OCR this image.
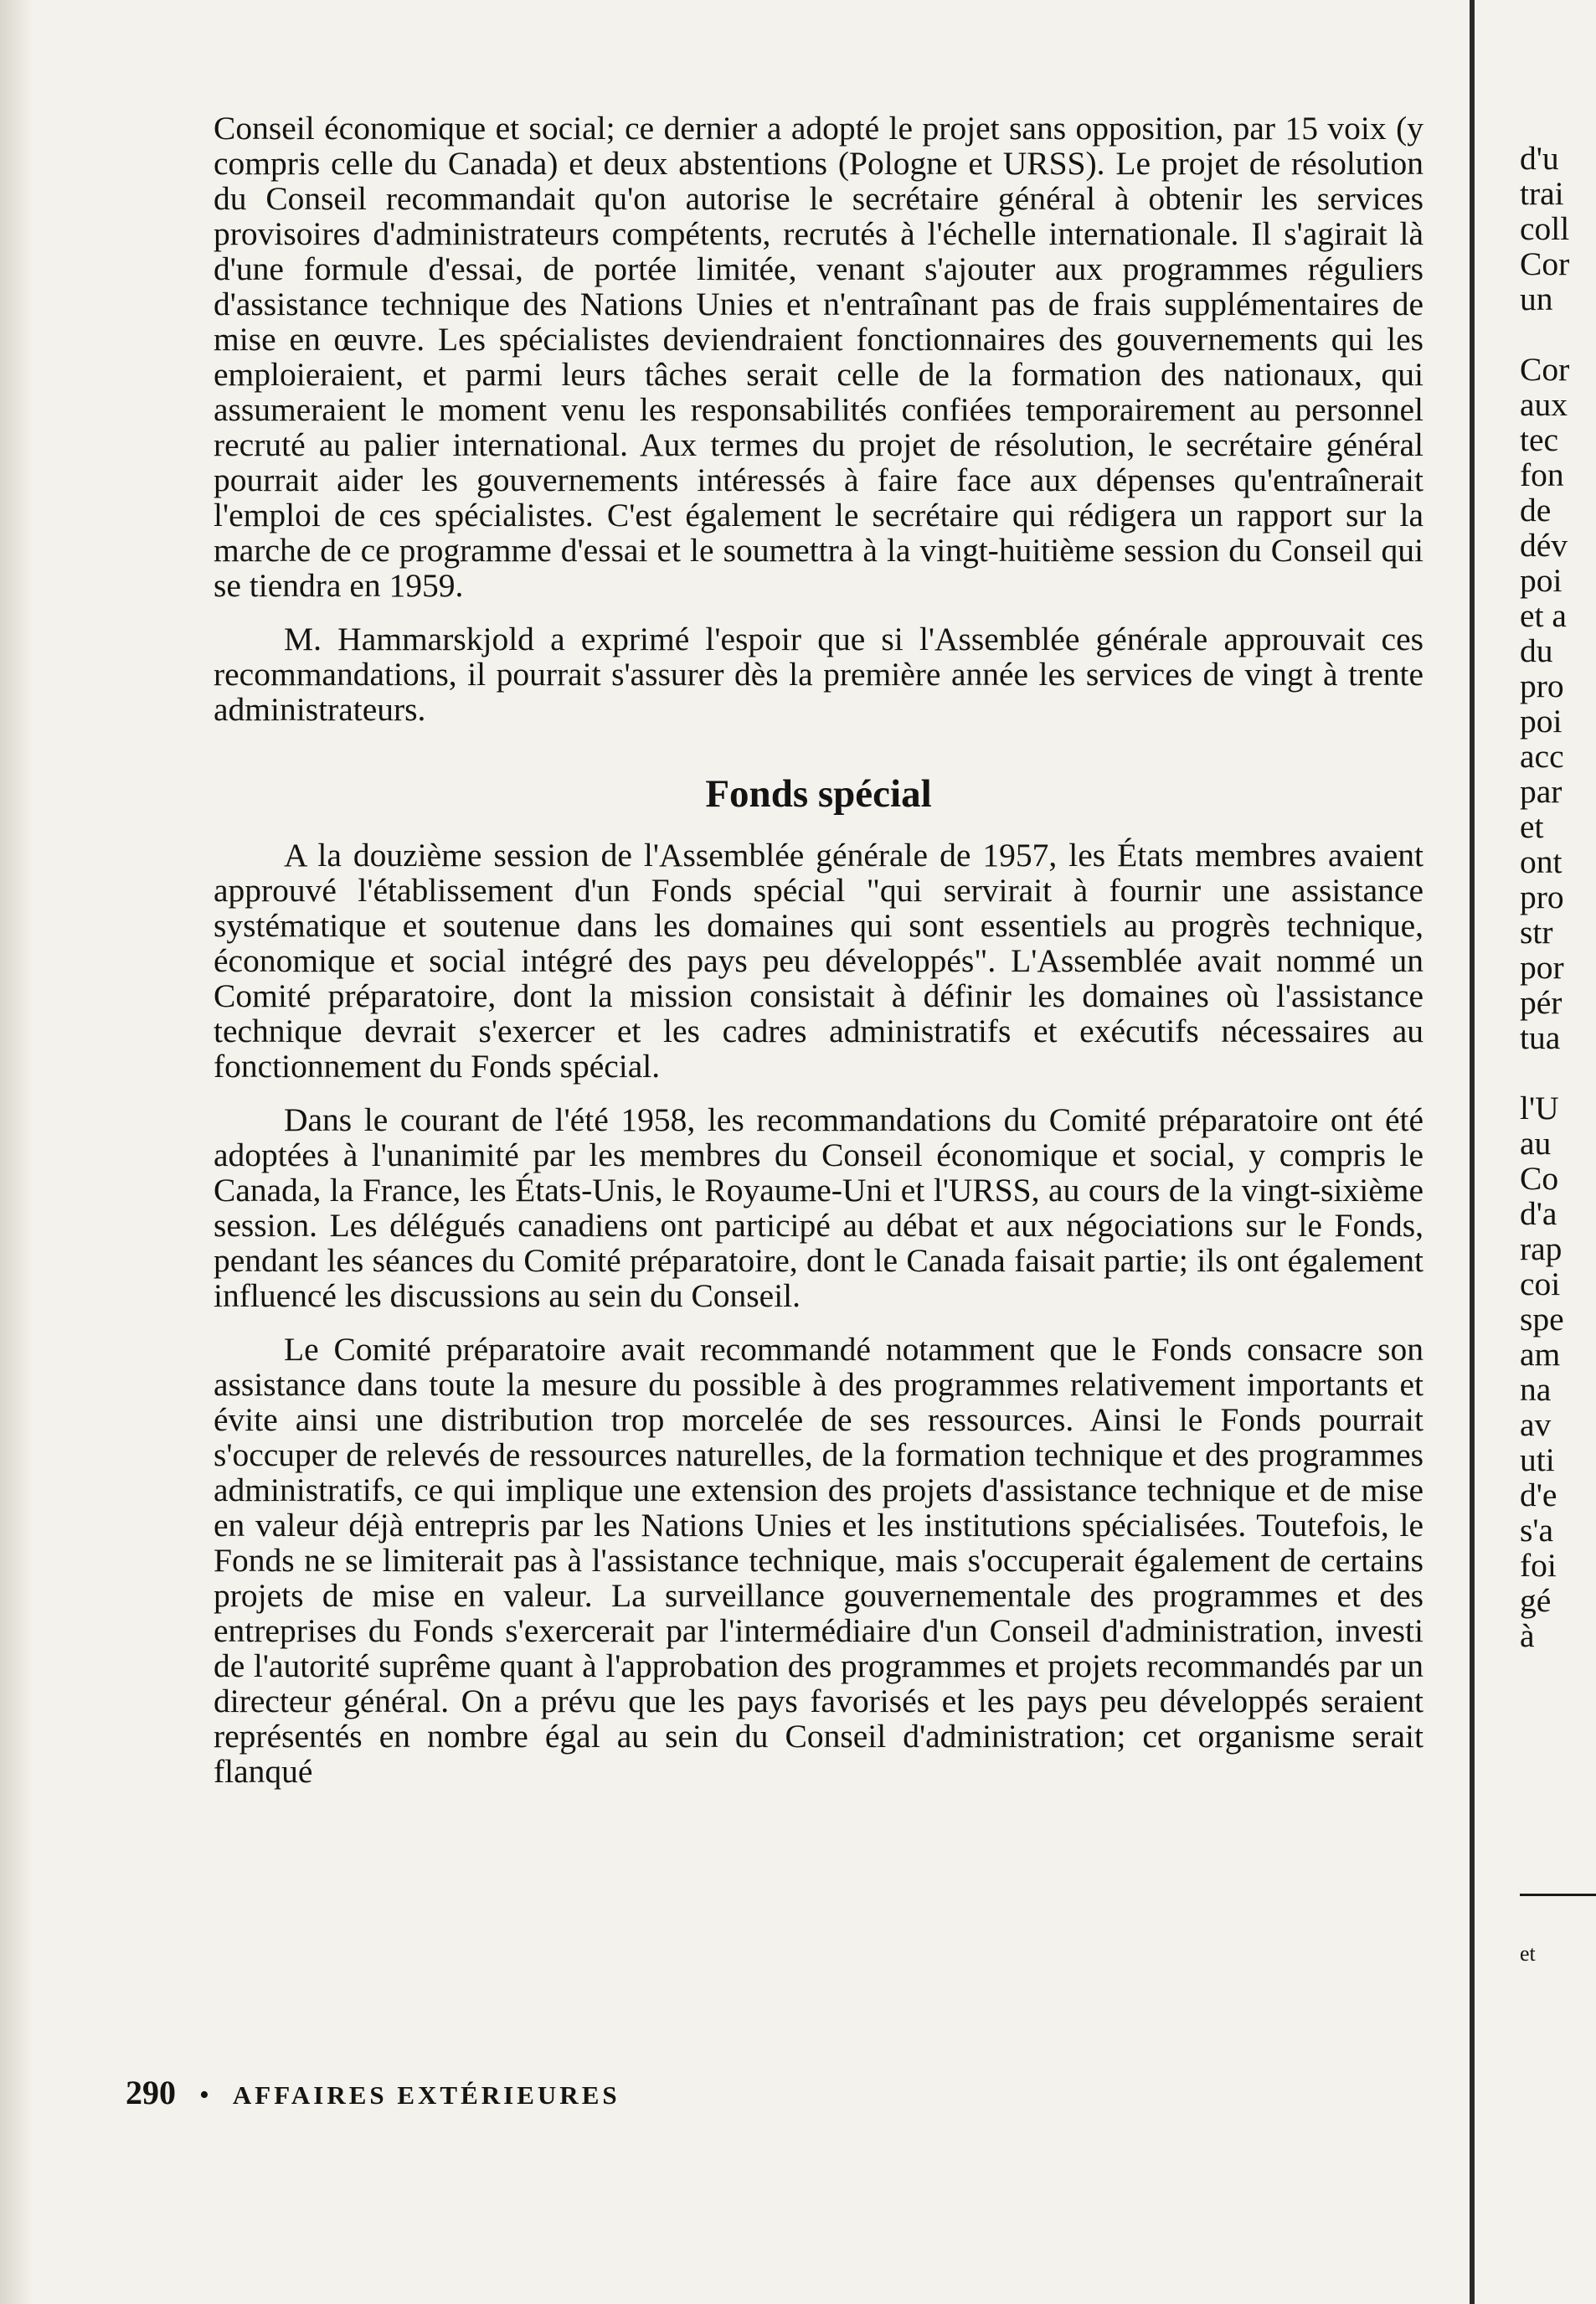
Conseil économique et social; ce dernier a adopté le projet sans opposition, par 15 voix (y compris celle du Canada) et deux abstentions (Pologne et URSS). Le projet de résolution du Conseil recommandait qu'on autorise le secrétaire général à obtenir les services provisoires d'administrateurs compétents, recrutés à l'échelle internationale. Il s'agirait là d'une formule d'essai, de portée limitée, venant s'ajouter aux programmes réguliers d'assistance technique des Nations Unies et n'entraînant pas de frais supplémentaires de mise en œuvre. Les spécialistes deviendraient fonctionnaires des gouvernements qui les emploieraient, et parmi leurs tâches serait celle de la formation des nationaux, qui assumeraient le moment venu les responsabilités confiées temporairement au personnel recruté au palier international. Aux termes du projet de résolution, le secrétaire général pourrait aider les gouvernements intéressés à faire face aux dépenses qu'entraînerait l'emploi de ces spécialistes. C'est également le secrétaire qui rédigera un rapport sur la marche de ce programme d'essai et le soumettra à la vingt-huitième session du Conseil qui se tiendra en 1959.

M. Hammarskjold a exprimé l'espoir que si l'Assemblée générale approuvait ces recommandations, il pourrait s'assurer dès la première année les services de vingt à trente administrateurs.

Fonds spécial

A la douzième session de l'Assemblée générale de 1957, les États membres avaient approuvé l'établissement d'un Fonds spécial "qui servirait à fournir une assistance systématique et soutenue dans les domaines qui sont essentiels au progrès technique, économique et social intégré des pays peu développés". L'Assemblée avait nommé un Comité préparatoire, dont la mission consistait à définir les domaines où l'assistance technique devrait s'exercer et les cadres administratifs et exécutifs nécessaires au fonctionnement du Fonds spécial.

Dans le courant de l'été 1958, les recommandations du Comité préparatoire ont été adoptées à l'unanimité par les membres du Conseil économique et social, y compris le Canada, la France, les États-Unis, le Royaume-Uni et l'URSS, au cours de la vingt-sixième session. Les délégués canadiens ont participé au débat et aux négociations sur le Fonds, pendant les séances du Comité préparatoire, dont le Canada faisait partie; ils ont également influencé les discussions au sein du Conseil.

Le Comité préparatoire avait recommandé notamment que le Fonds consacre son assistance dans toute la mesure du possible à des programmes relativement importants et évite ainsi une distribution trop morcelée de ses ressources. Ainsi le Fonds pourrait s'occuper de relevés de ressources naturelles, de la formation technique et des programmes administratifs, ce qui implique une extension des projets d'assistance technique et de mise en valeur déjà entrepris par les Nations Unies et les institutions spécialisées. Toutefois, le Fonds ne se limiterait pas à l'assistance technique, mais s'occuperait également de certains projets de mise en valeur. La surveillance gouvernementale des programmes et des entreprises du Fonds s'exercerait par l'intermédiaire d'un Conseil d'administration, investi de l'autorité suprême quant à l'approbation des programmes et projets recommandés par un directeur général. On a prévu que les pays favorisés et les pays peu développés seraient représentés en nombre égal au sein du Conseil d'administration; cet organisme serait flanqué

d'u
trai
coll
Cor
un
Cor
aux
tec
fon
de
dév
poi
et a
du
pro
poi
acc
par
et
ont
pro
str
por
pér
tua
l'U
au
Co
d'a
rap
coi
spe
am
na
av
uti
d'e
s'a
foi
gé
à
et
290 • AFFAIRES EXTÉRIEURES
